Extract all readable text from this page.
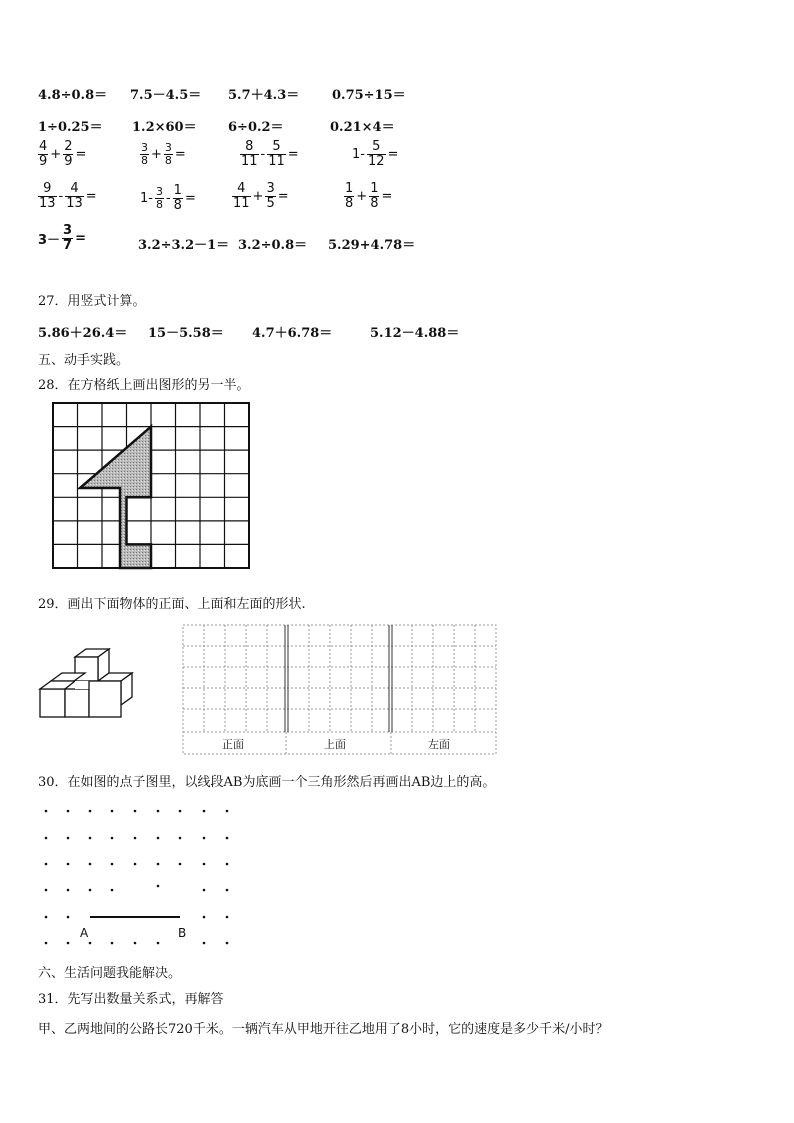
4.8÷0.8＝ 7.5－4.5＝ 5.7＋4.3＝	0.75÷15＝
1÷0.25＝ 1.2×60＝ 6÷0.2＝	0.21×4＝
$\frac{4}{9} + \frac{2}{9}$ =	$\frac{3}{8} + \frac{3}{8}$ =	$\frac{8}{11} - \frac{5}{11}$ =	$1- \frac{5}{12}$ =
$\frac{9}{13} - \frac{4}{13}$ =	$1- \frac{3}{8} - \frac{1}{8}$ =	$\frac{4}{11} + \frac{3}{5}$ =	$\frac{1}{8} + \frac{1}{8}$ =
$3- \frac{3}{7}$ =	3.2÷3.2－1＝ 3.2÷0.8＝ 5.29+4.78＝
27．用竖式计算。
5.86＋26.4＝ 15－5.58＝ 4.7＋6.78＝	5.12－4.88＝
五、动手实践。
28．在方格纸上画出图形的另一半。
29．画出下面物体的正面、上面和左面的形状.
正面	上面	左面
30．在如图的点子图里，以线段AB为底画一个三角形然后再画出AB边上的高。
A	B
六、生活问题我能解决。
31．先写出数量关系式，再解答
甲、乙两地间的公路长720千米。一辆汽车从甲地开往乙地用了8小时，它的速度是多少千米/小时？
